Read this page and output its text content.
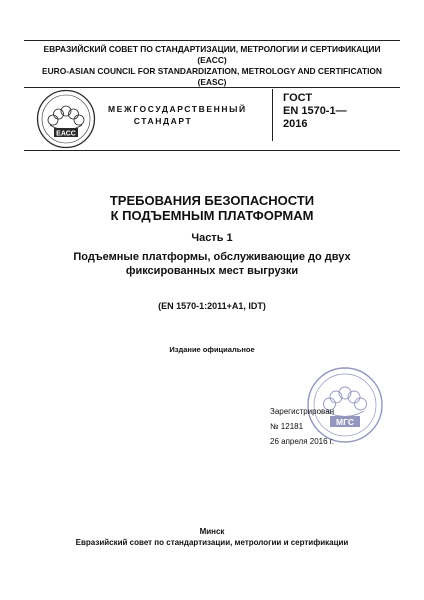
ЕВРАЗИЙСКИЙ СОВЕТ ПО СТАНДАРТИЗАЦИИ, МЕТРОЛОГИИ И СЕРТИФИКАЦИИ
(EACC)
EURO-ASIAN COUNCIL FOR STANDARDIZATION, METROLOGY AND CERTIFICATION
(EASC)
ЕАСС
МЕЖГОСУДАРСТВЕННЫЙ
СТАНДАРТ
ГОСТ
EN 1570-1—
2016
ТРЕБОВАНИЯ БЕЗОПАСНОСТИ
К ПОДЪЕМНЫМ ПЛАТФОРМАМ
Часть 1
Подъемные платформы, обслуживающие до двух
фиксированных мест выгрузки
(EN 1570-1:2011+A1, IDT)
Издание официальное
МГС
Зарегистрирован
№ 12181
26 апреля 2016 г.
Минск
Евразийский совет по стандартизации, метрологии и сертификации
